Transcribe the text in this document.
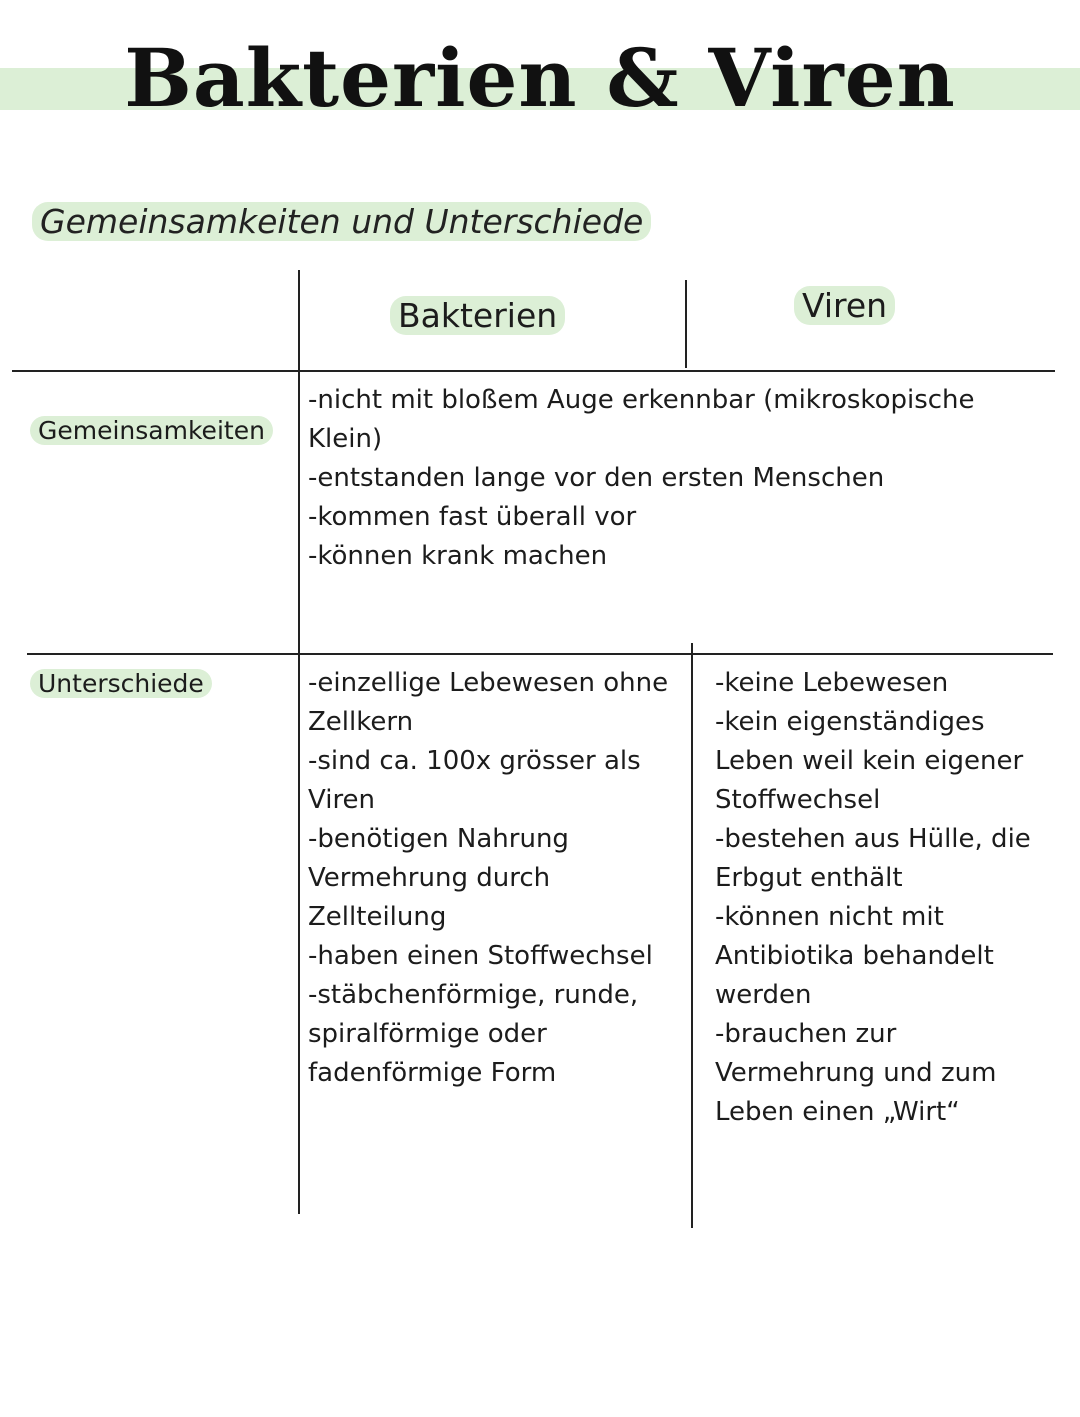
Bakterien & Viren
Gemeinsamkeiten und Unterschiede
Bakterien	Viren
Gemeinsamkeiten
Unterschiede
-nicht mit bloßem Auge erkennbar (mikroskopische Klein)
-entstanden lange vor den ersten Menschen
-kommen fast überall vor
-können krank machen
-einzellige Lebewesen ohne Zellkern
-sind ca. 100x grösser als Viren
-benötigen Nahrung Vermehrung durch Zellteilung
-haben einen Stoffwechsel
-stäbchenförmige, runde, spiralförmige oder fadenförmige Form
-keine Lebewesen
-kein eigenständiges Leben weil kein eigener Stoffwechsel
-bestehen aus Hülle, die Erbgut enthält
-können nicht mit Antibiotika behandelt werden
-brauchen zur Vermehrung und zum Leben einen „Wirt“
